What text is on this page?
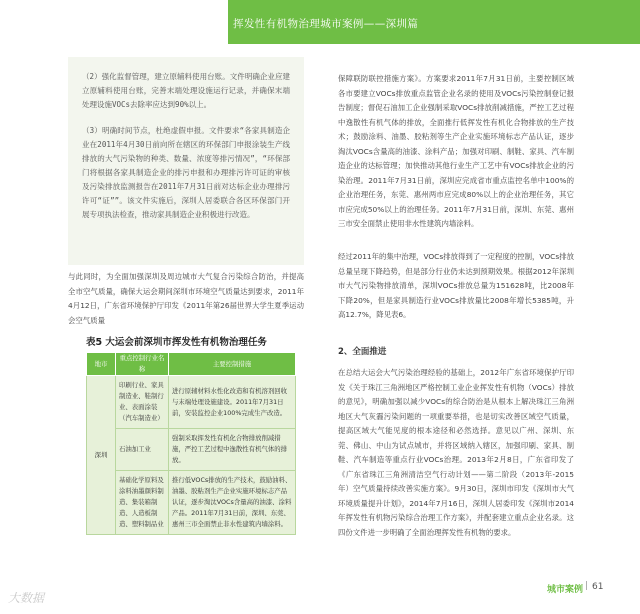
挥发性有机物治理城市案例——深圳篇

（2）强化监督管理，建立原辅料使用台账。文件明确企业应建立原辅料使用台账，完善末端处理设施运行记录，并确保末端处理设施VOCs去除率应达到90%以上。

（3）明确时间节点，杜绝虚假申报。文件要求“各家具制造企业在2011年4月30日前向所在辖区的环保部门申报涂装生产线排放的大气污染物的种类、数量、浓度等排污情况”，“环保部门将根据各家具制造企业的排污申报和办理排污许可证的审核及污染排放监测报告在2011年7月31日前对达标企业办理排污许可“证””。该文件实施后，深圳人居委联合各区环保部门开展专项执法检查，推动家具制造企业积极进行改造。

与此同时，为全面加强深圳及周边城市大气复合污染综合防治，并提高全市空气质量，确保大运会期间深圳市环境空气质量达到要求，2011年4月12日，广东省环境保护厅印发《2011年第26届世界大学生夏季运动会空气质量

表5 大运会前深圳市挥发性有机物治理任务
地市	重点控制行业名称	主要控制措施
深圳	印刷行业、家具制造业、鞋制行业、表面涂装（汽车制造业）	进行原辅材料水性化改造和有机溶剂回收与末端处理设施建设。2011年7月31日前，安装监控企业100%完成生产改造。
	石油加工业	强制采取挥发性有机化合物排放削减措施，严控工艺过程中逸散性有机气体的排放。
	基础化学原料及涂料油墨颜料制造、集装箱制造、人造板制造、塑料制品业	推行低VOCs排放的生产技术，鼓励油料、油墨、胶粘剂生产企业实施环境标志产品认证，逐步淘汰VOCs含量高的油漆、涂料产品。2011年7月31日前，深圳、东莞、惠州三市全面禁止非水性建筑内墙涂料。

保障联防联控措施方案》。方案要求2011年7月31日前，主要控制区域各市要建立VOCs排放重点监管企业名录的使用及VOCs污染控制登记报告制度；督促石油加工企业强制采取VOCs排放削减措施，严控工艺过程中逸散性有机气体的排放，全面推行低挥发性有机化合物排放的生产技术；鼓励涂料、油墨、胶粘剂等生产企业实施环境标志产品认证，逐步淘汰VOCs含量高的油漆、涂料产品；加强对印刷、制鞋、家具、汽车制造企业的达标管理；加快推动其他行业生产工艺中有VOCs排放企业的污染治理。2011年7月31日前，深圳应完成省市重点监控名单中100%的企业治理任务，东莞、惠州两市应完成80%以上的企业治理任务，其它市应完成50%以上的治理任务。2011年7月31日前，深圳、东莞、惠州三市安全面禁止使用非水性建筑内墙涂料。

经过2011年的集中治理，VOCs排放得到了一定程度的控制，VOCs排放总量呈现下降趋势，但是部分行业仍未达到预期效果。根据2012年深圳市大气污染物排放清单，深圳VOCs排放总量为151628吨，比2008年下降20%，但是家具制造行业VOCs排放量比2008年增长5385吨，升高12.7%，降见表6。

2、全面推进

在总结大运会大气污染治理经验的基础上，2012年广东省环境保护厅印发《关于珠江三角洲地区严格控制工业企业挥发性有机物（VOCs）排放的意见》，明确加强以减少VOCs的综合防治是从根本上解决珠江三角洲地区大气灰霾污染问题的一项重要举措，也是切实改善区域空气质量，提高区域大气能见度的根本途径和必然选择。意见以广州、深圳、东莞、佛山、中山为试点城市，并将区域纳入辖区，加强印刷、家具、制鞋、汽车制造等重点行业VOCs治理。2013年2月8日，广东省印发了《广东省珠江三角洲清洁空气行动计划——第二阶段（2013年-2015年）空气质量持续改善实施方案》。9月30日，深圳市印发《深圳市大气环境质量提升计划》，2014年7月16日，深圳人居委印发《深圳市2014年挥发性有机物污染综合治理工作方案》，并配套建立重点企业名录。这四份文件进一步明确了全面治理挥发性有机物的要求。

城市案例 | 61
大数据
